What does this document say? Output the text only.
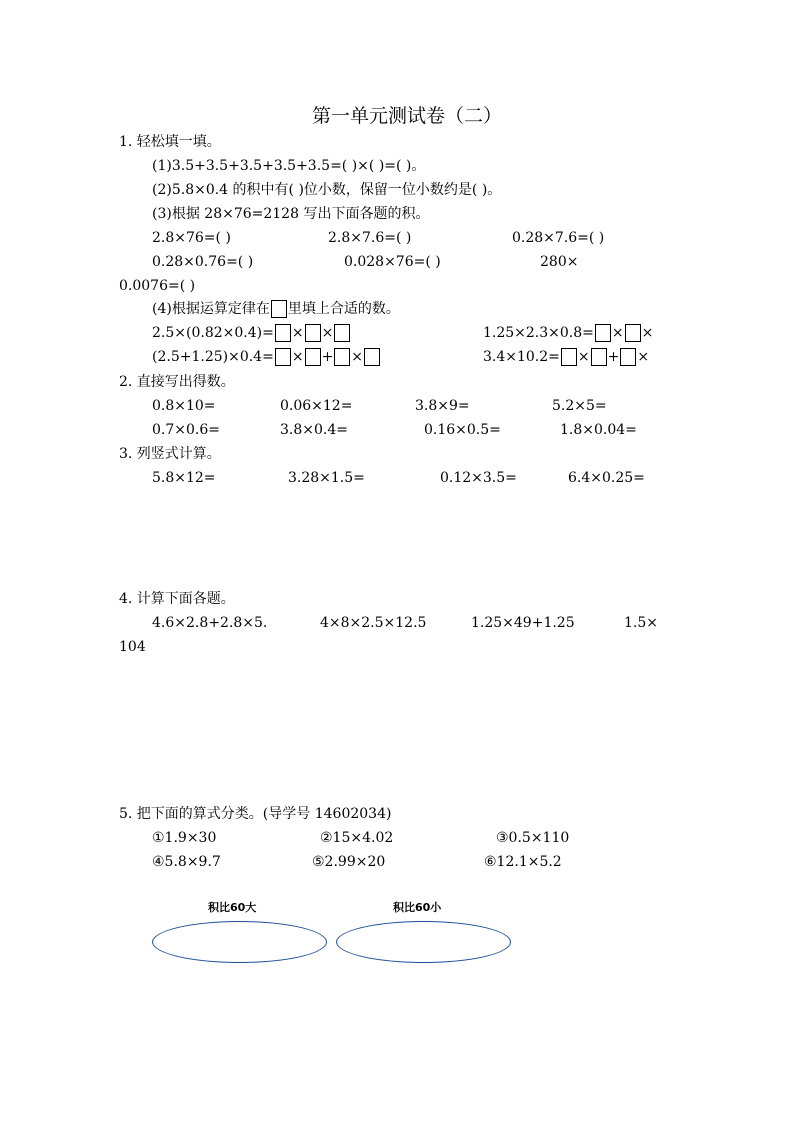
第一单元测试卷（二）
1. 轻松填一填。
(1)3.5+3.5+3.5+3.5+3.5=( )×( )=( )。
(2)5.8×0.4 的积中有( )位小数，保留一位小数约是( )。
(3)根据 28×76=2128 写出下面各题的积。
2.8×76=( )	2.8×7.6=( )	0.28×7.6=( )
0.28×0.76=( )	0.028×76=( )	280×
0.0076=( )
(4)根据运算定律在 里填上合适的数。
2.5×(0.82×0.4)= × ×	1.25×2.3×0.8= × ×
(2.5+1.25)×0.4= × + ×	3.4×10.2= × + ×
2. 直接写出得数。
0.8×10=	0.06×12=	3.8×9=	5.2×5=
0.7×0.6=	3.8×0.4=	0.16×0.5=	1.8×0.04=
3. 列竖式计算。
5.8×12=	3.28×1.5=	0.12×3.5=	6.4×0.25=
4. 计算下面各题。
4.6×2.8+2.8×5.	4×8×2.5×12.5	1.25×49+1.25	1.5×
104
5. 把下面的算式分类。(导学号 14602034)
①1.9×30	②15×4.02	③0.5×110
④5.8×9.7	⑤2.99×20	⑥12.1×5.2
积比60大	积比60小
